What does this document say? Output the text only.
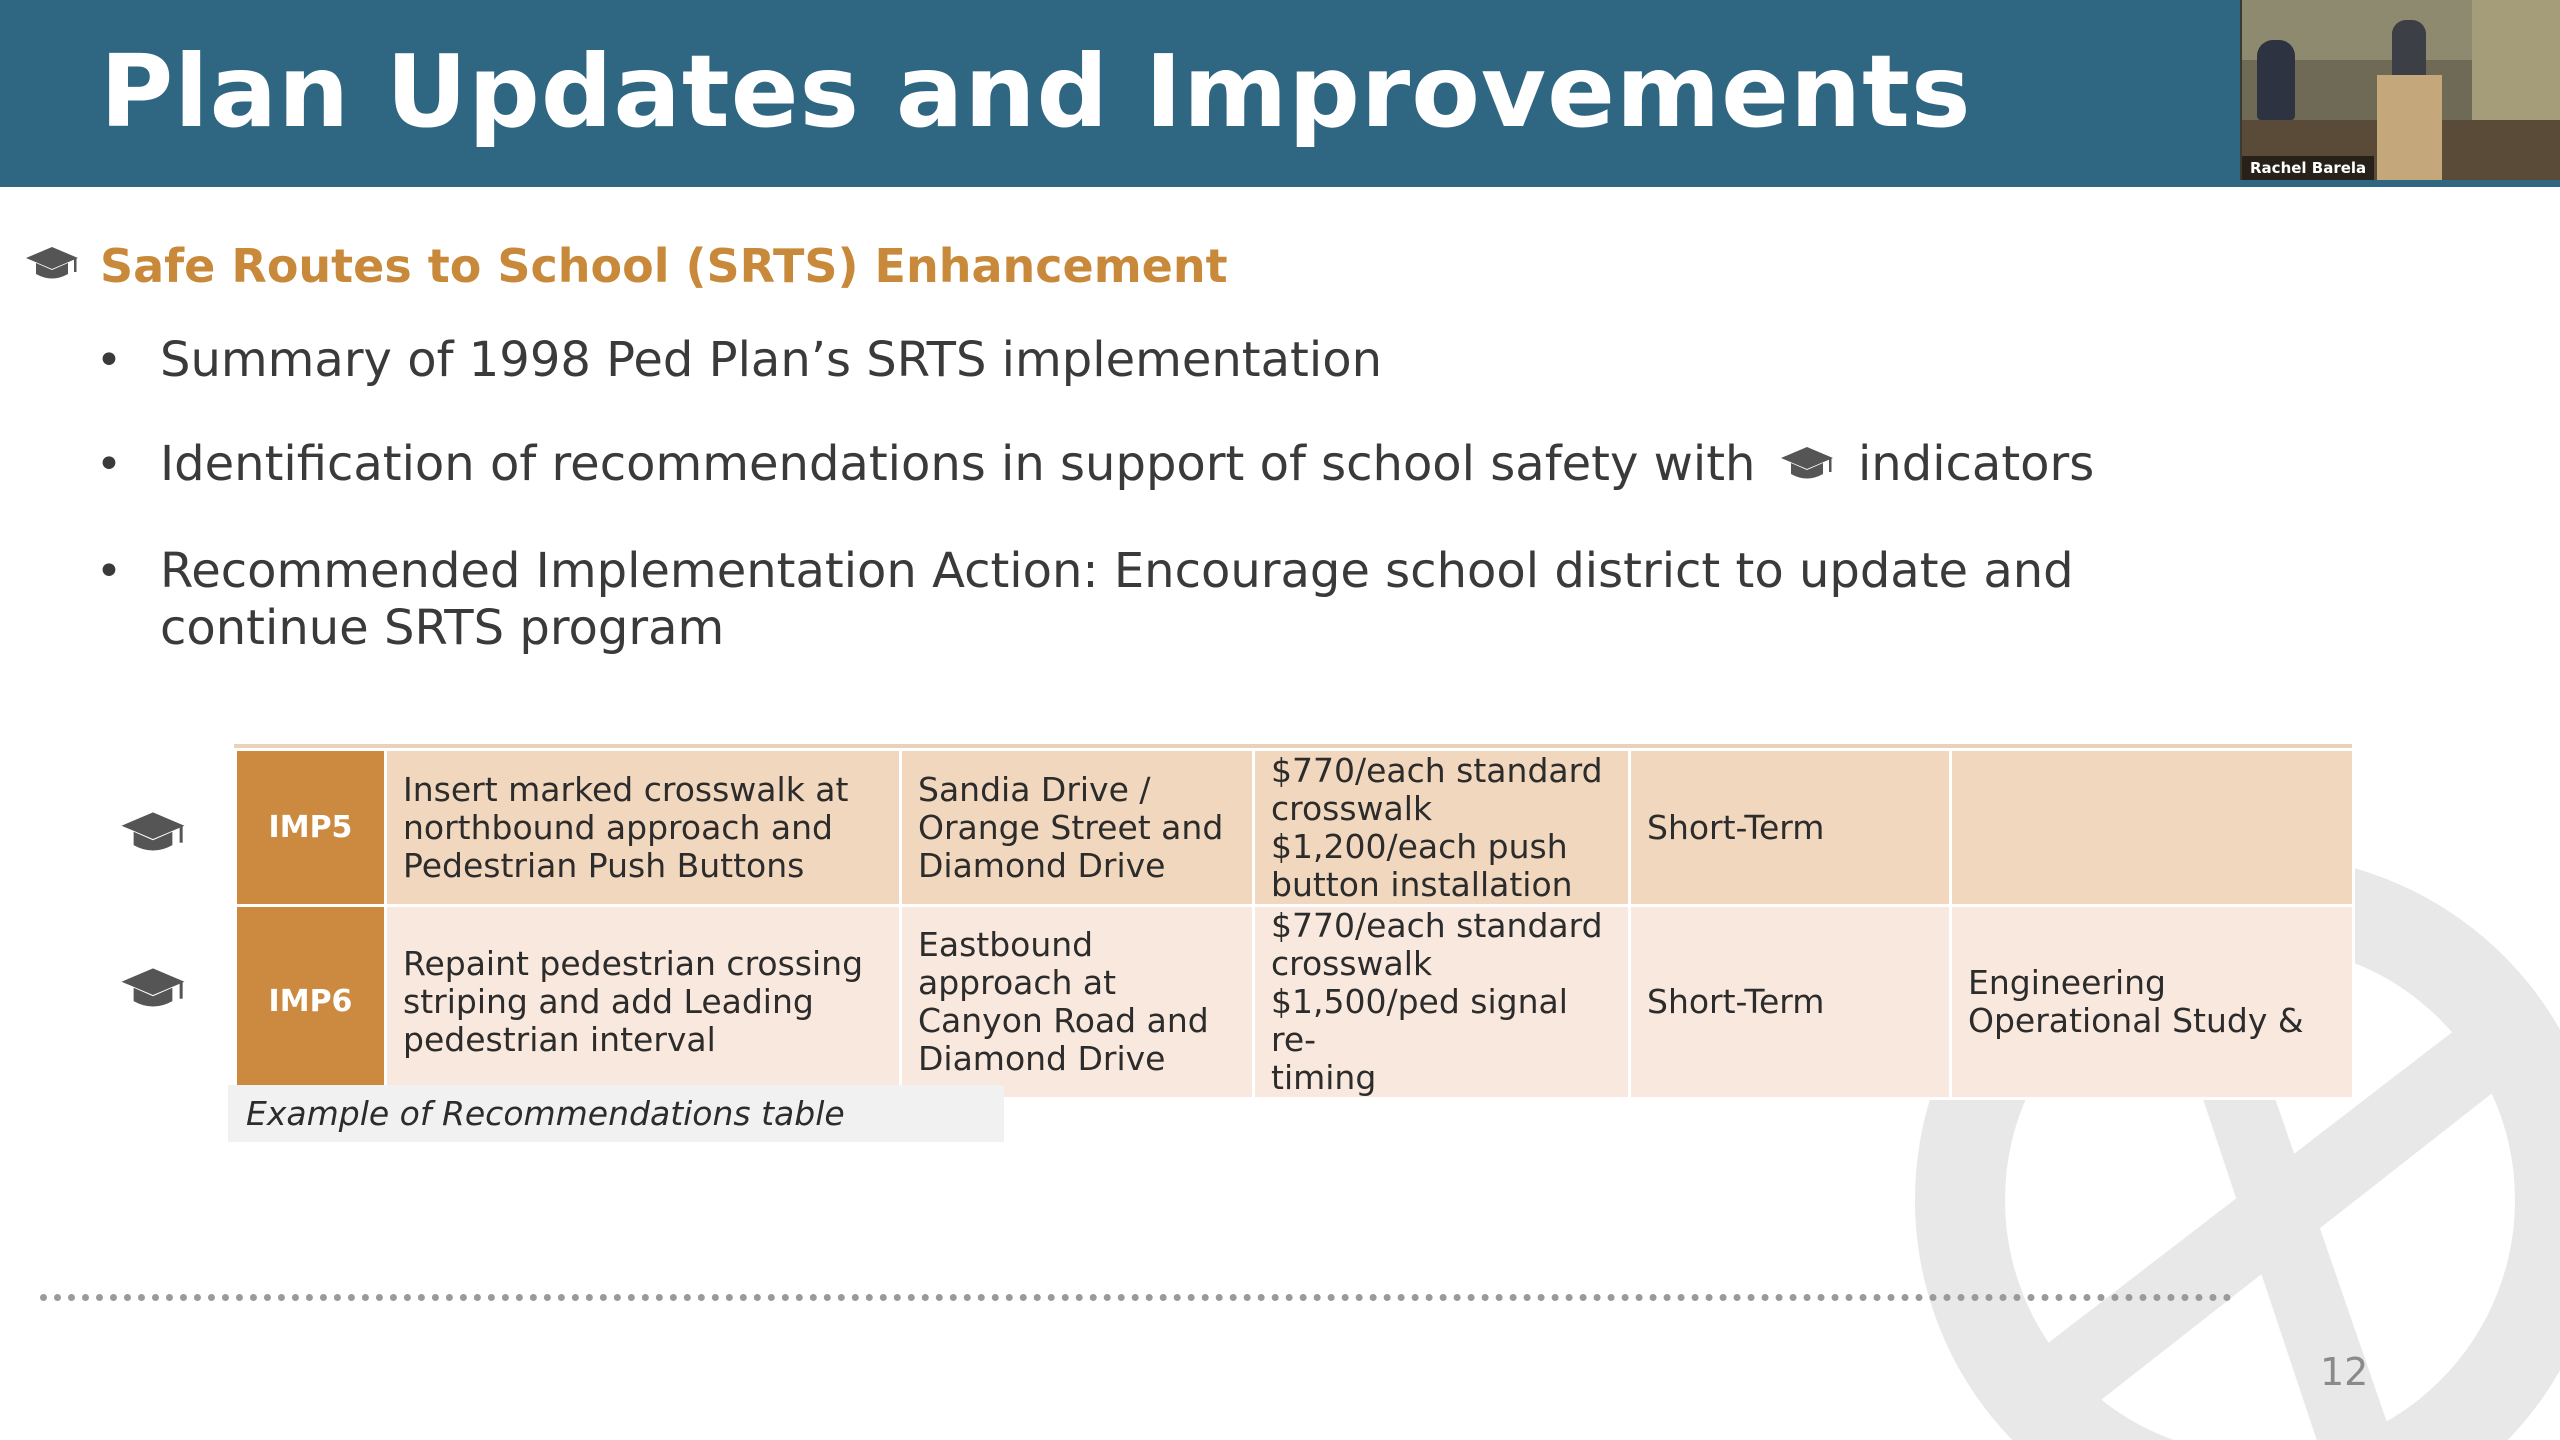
Plan Updates and Improvements
Rachel Barela
Safe Routes to School (SRTS) Enhancement
• Summary of 1998 Ped Plan’s SRTS implementation
• Identification of recommendations in support of school safety with indicators
• Recommended Implementation Action: Encourage school district to update and
continue SRTS program
IMP5	Insert marked crosswalk at
northbound approach and
Pedestrian Push Buttons	Sandia Drive /
Orange Street and
Diamond Drive	$770/each standard
crosswalk
$1,200/each push
button installation	Short-Term	
IMP6	Repaint pedestrian crossing
striping and add Leading
pedestrian interval	Eastbound
approach at
Canyon Road and
Diamond Drive	$770/each standard
crosswalk
$1,500/ped signal re-
timing	Short-Term	Engineering
Operational Study &
Example of Recommendations table
12
